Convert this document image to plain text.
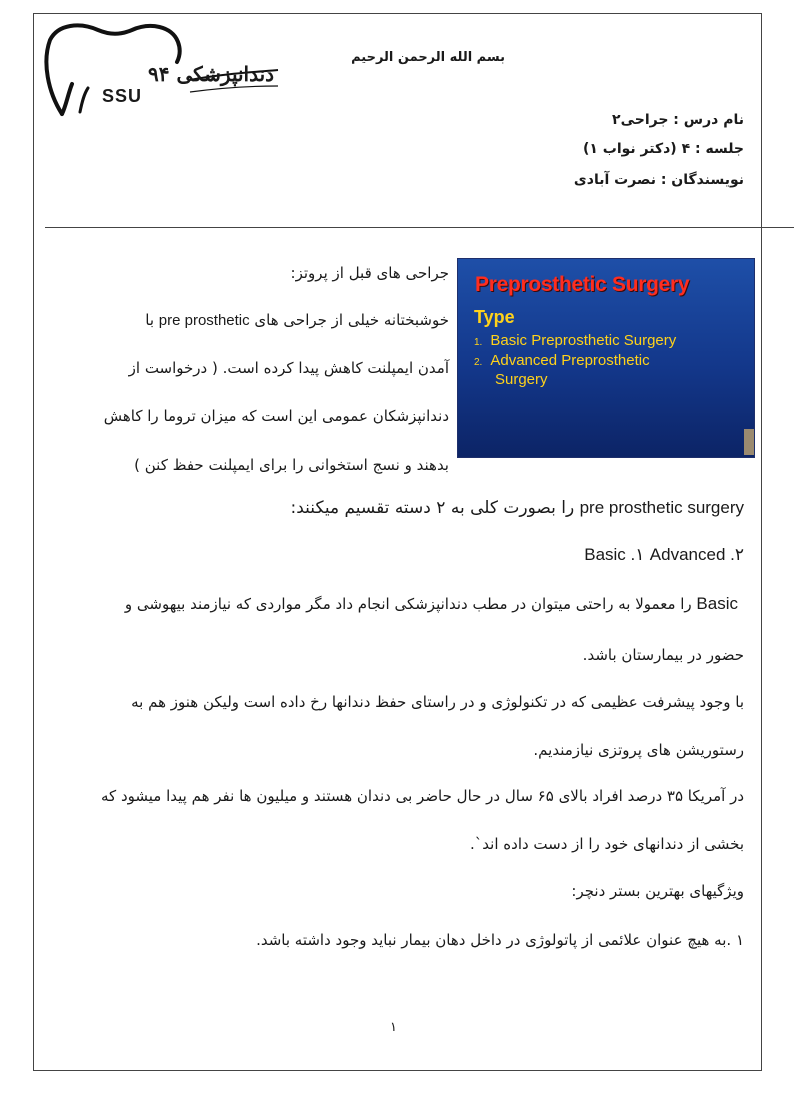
دندانپزشکی ۹۴
SSU
بسم الله الرحمن الرحیم
نام درس : جراحی۲
جلسه : ۴ (دکتر نواب ۱)
نویسندگان : نصرت آبادی
Preprosthetic Surgery
Type
1. Basic Preprosthetic Surgery
2. Advanced Preprosthetic
Surgery
جراحی های قبل از پروتز:
خوشبختانه خیلی از جراحی های pre prosthetic با
آمدن ایمپلنت کاهش پیدا کرده است. ( درخواست از
دندانپزشکان عمومی این است که میزان تروما را کاهش
بدهند و نسج استخوانی را برای ایمپلنت حفظ کنن )
pre prosthetic surgery را بصورت کلی به ۲ دسته تقسیم میکنند:
Basic .۱ Advanced .۲
Basic را معمولا به راحتی میتوان در مطب دندانپزشکی انجام داد مگر مواردی که نیازمند بیهوشی و
حضور در بیمارستان باشد.
با وجود پیشرفت عظیمی که در تکنولوژی و در راستای حفظ دندانها رخ داده است ولیکن هنوز هم به
رستوریشن های پروتزی نیازمندیم.
در آمریکا ۳۵ درصد افراد بالای ۶۵ سال در حال حاضر بی دندان هستند و میلیون ها نفر هم پیدا میشود که
بخشی از دندانهای خود را از دست داده اند`.
ویژگیهای بهترین بستر دنچر:
۱ .به هیچ عنوان علائمی از پاتولوژی در داخل دهان بیمار نباید وجود داشته باشد.
۱
